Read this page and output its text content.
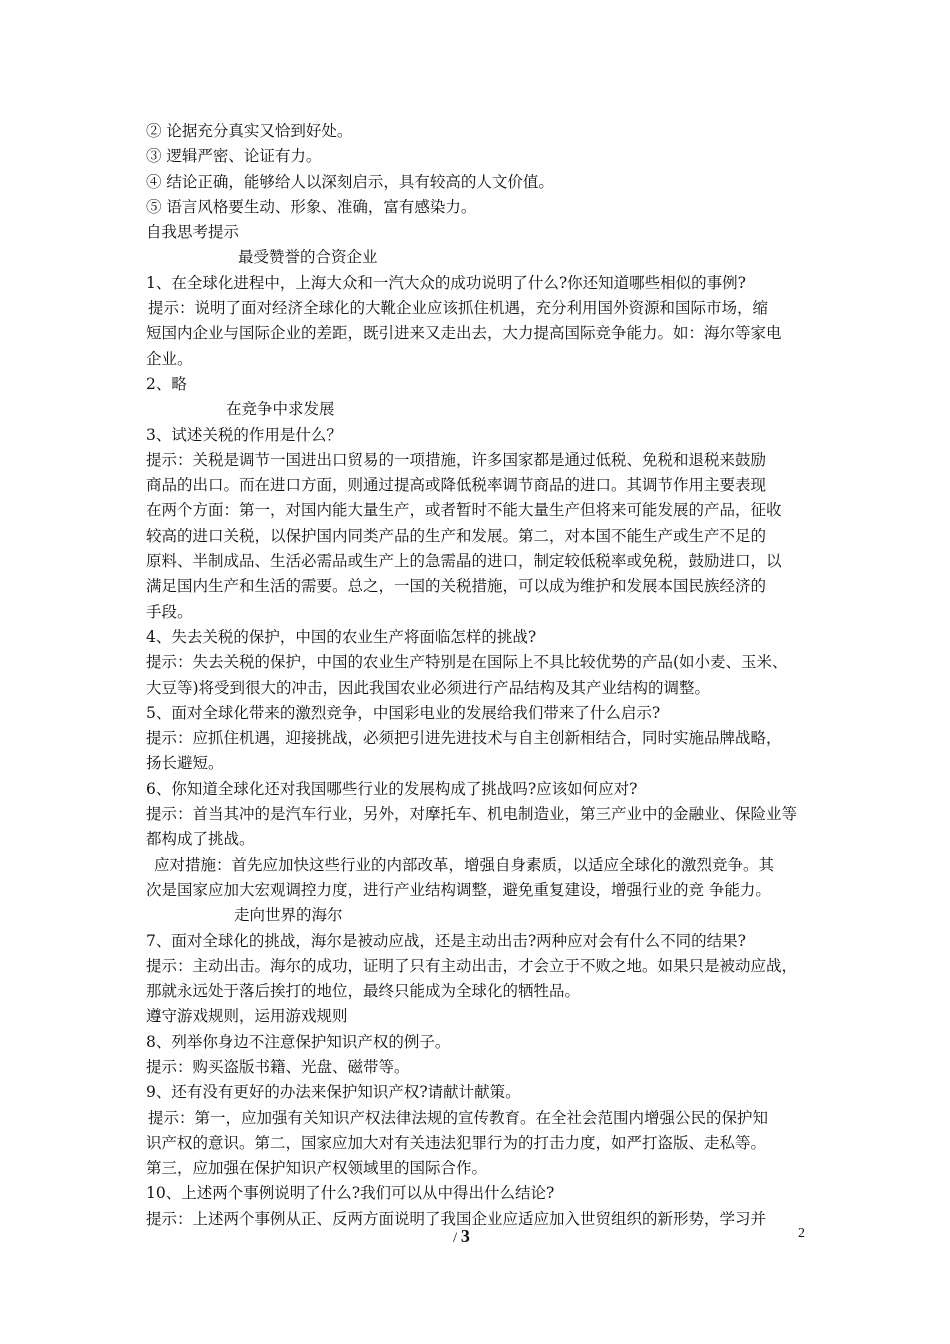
② 论据充分真实又恰到好处。
③ 逻辑严密、论证有力。
④ 结论正确，能够给人以深刻启示，具有较高的人文价值。
⑤ 语言风格要生动、形象、准确，富有感染力。
自我思考提示
最受赞誉的合资企业
1、在全球化进程中，上海大众和一汽大众的成功说明了什么?你还知道哪些相似的事例?
提示：说明了面对经济全球化的大靴企业应该抓住机遇，充分利用国外资源和国际市场，缩
短国内企业与国际企业的差距，既引进来又走出去，大力提高国际竞争能力。如：海尔等家电
企业。
2、略
在竞争中求发展
3、试述关税的作用是什么？
提示：关税是调节一国进出口贸易的一项措施，许多国家都是通过低税、免税和退税来鼓励
商品的出口。而在进口方面，则通过提高或降低税率调节商品的进口。其调节作用主要表现
在两个方面：第一，对国内能大量生产，或者暂时不能大量生产但将来可能发展的产品，征收
较高的进口关税，以保护国内同类产品的生产和发展。第二，对本国不能生产或生产不足的
原料、半制成品、生活必需品或生产上的急需晶的进口，制定较低税率或免税，鼓励进口，以
满足国内生产和生活的需要。总之，一国的关税措施，可以成为维护和发展本国民族经济的
手段。
4、失去关税的保护，中国的农业生产将面临怎样的挑战?
提示：失去关税的保护，中国的农业生产特别是在国际上不具比较优势的产品(如小麦、玉米、
大豆等)将受到很大的冲击，因此我国农业必须进行产品结构及其产业结构的调整。
5、面对全球化带来的激烈竞争，中国彩电业的发展给我们带来了什么启示?
提示：应抓住机遇，迎接挑战，必须把引进先进技术与自主创新相结合，同时实施品牌战略，
扬长避短。
6、你知道全球化还对我国哪些行业的发展构成了挑战吗?应该如何应对?
提示：首当其冲的是汽车行业，另外，对摩托车、机电制造业，第三产业中的金融业、保险业等
都构成了挑战。
应对措施：首先应加快这些行业的内部改革，增强自身素质，以适应全球化的激烈竞争。其
次是国家应加大宏观调控力度，进行产业结构调整，避免重复建设，增强行业的竞 争能力。
走向世界的海尔
7、面对全球化的挑战，海尔是被动应战，还是主动出击?两种应对会有什么不同的结果?
提示：主动出击。海尔的成功，证明了只有主动出击，才会立于不败之地。如果只是被动应战，
那就永远处于落后挨打的地位，最终只能成为全球化的牺牲品。
遵守游戏规则，运用游戏规则
8、列举你身边不注意保护知识产权的例子。
提示：购买盗版书籍、光盘、磁带等。
9、还有没有更好的办法来保护知识产权?请献计献策。
提示：第一，应加强有关知识产权法律法规的宣传教育。在全社会范围内增强公民的保护知
识产权的意识。第二，国家应加大对有关违法犯罪行为的打击力度，如严打盗版、走私等。
第三，应加强在保护知识产权领域里的国际合作。
10、上述两个事例说明了什么?我们可以从中得出什么结论?
提示：上述两个事例从正、反两方面说明了我国企业应适应加入世贸组织的新形势，学习并
/ 3	2
